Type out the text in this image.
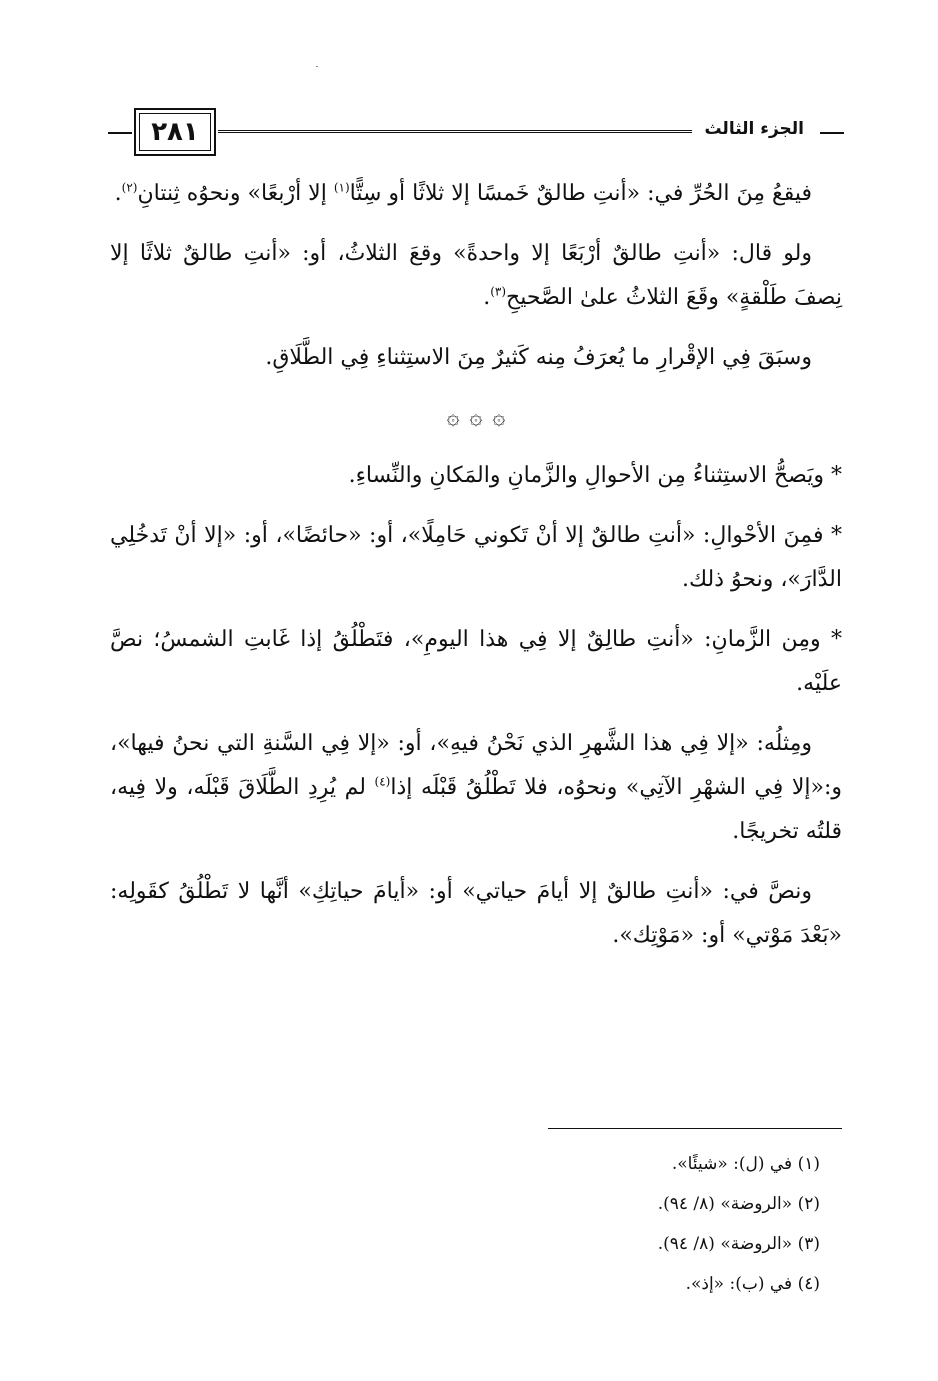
٢٨١	الجزء الثالث

فيقعُ مِنَ الحُرِّ في: «أنتِ طالقٌ خَمسًا إلا ثلاثًا أو سِتًّا$^{(١)}$ إلا أرْبعًا» ونحوُه ثِنتانِ$^{(٢)}$.

ولو قال: «أنتِ طالقٌ أرْبَعًا إلا واحدةً» وقعَ الثلاثُ، أو: «أنتِ طالقٌ ثلاثًا إلا نِصفَ طَلْقةٍ» وقَعَ الثلاثُ علىٰ الصَّحيحِ$^{(٣)}$.

وسبَقَ فِي الإقْرارِ ما يُعرَفُ مِنه كَثيرٌ مِنَ الاستِثناءِ فِي الطَّلَاقِ.

۞ ۞ ۞

* ويَصحُّ الاستِثناءُ مِن الأحوالِ والزَّمانِ والمَكانِ والنِّساءِ.

* فمِنَ الأحْوالِ: «أنتِ طالقٌ إلا أنْ تَكوني حَامِلًا»، أو: «حائضًا»، أو: «إلا أنْ تَدخُلِي الدَّارَ»، ونحوُ ذلك.

* ومِن الزَّمانِ: «أنتِ طالِقٌ إلا فِي هذا اليومِ»، فتَطْلُقُ إذا غَابتِ الشمسُ؛ نصَّ علَيْه.

ومِثلُه: «إلا فِي هذا الشَّهرِ الذي نَحْنُ فيهِ»، أو: «إلا فِي السَّنةِ التي نحنُ فيها»، و:«إلا فِي الشهْرِ الآتِي» ونحوُه، فلا تَطْلُقُ قَبْلَه إذا$^{(٤)}$ لم يُرِدِ الطَّلَاقَ قَبْلَه، ولا فِيه، قلتُه تخريجًا.

ونصَّ في: «أنتِ طالقٌ إلا أيامَ حياتي» أو: «أيامَ حياتِكِ» أنَّها لا تَطْلُقُ كقَولِه: «بَعْدَ مَوْتي» أو: «مَوْتِك».

(١) في (ل): «شيئًا».

(٢) «الروضة» (٨/ ٩٤).

(٣) «الروضة» (٨/ ٩٤).

(٤) في (ب): «إذ».
